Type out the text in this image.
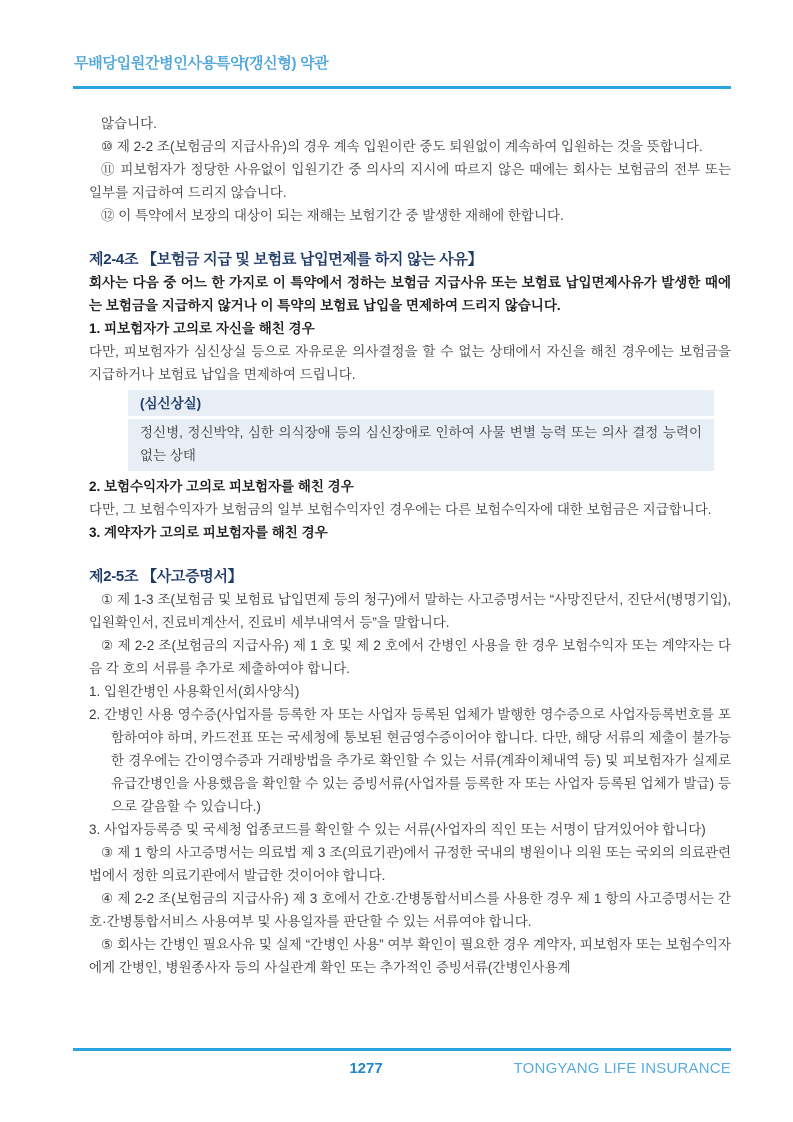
무배당입원간병인사용특약(갱신형) 약관

않습니다.

⑩ 제 2-2 조(보험금의 지급사유)의 경우 계속 입원이란 중도 퇴원없이 계속하여 입원하는 것을 뜻합니다.

⑪ 피보험자가 정당한 사유없이 입원기간 중 의사의 지시에 따르지 않은 때에는 회사는 보험금의 전부 또는 일부를 지급하여 드리지 않습니다.

⑫ 이 특약에서 보장의 대상이 되는 재해는 보험기간 중 발생한 재해에 한합니다.

제2-4조 【보험금 지급 및 보험료 납입면제를 하지 않는 사유】

회사는 다음 중 어느 한 가지로 이 특약에서 정하는 보험금 지급사유 또는 보험료 납입면제사유가 발생한 때에는 보험금을 지급하지 않거나 이 특약의 보험료 납입을 면제하여 드리지 않습니다.

1. 피보험자가 고의로 자신을 해친 경우

다만, 피보험자가 심신상실 등으로 자유로운 의사결정을 할 수 없는 상태에서 자신을 해친 경우에는 보험금을 지급하거나 보험료 납입을 면제하여 드립니다.

(심신상실)
정신병, 정신박약, 심한 의식장애 등의 심신장애로 인하여 사물 변별 능력 또는 의사 결정 능력이 없는 상태

2. 보험수익자가 고의로 피보험자를 해친 경우

다만, 그 보험수익자가 보험금의 일부 보험수익자인 경우에는 다른 보험수익자에 대한 보험금은 지급합니다.

3. 계약자가 고의로 피보험자를 해친 경우

제2-5조 【사고증명서】

① 제 1-3 조(보험금 및 보험료 납입면제 등의 청구)에서 말하는 사고증명서는 “사망진단서, 진단서(병명기입), 입원확인서, 진료비계산서, 진료비 세부내역서 등”을 말합니다.

② 제 2-2 조(보험금의 지급사유) 제 1 호 및 제 2 호에서 간병인 사용을 한 경우 보험수익자 또는 계약자는 다음 각 호의 서류를 추가로 제출하여야 합니다.

1. 입원간병인 사용확인서(회사양식)

2. 간병인 사용 영수증(사업자를 등록한 자 또는 사업자 등록된 업체가 발행한 영수증으로 사업자등록번호를 포함하여야 하며, 카드전표 또는 국세청에 통보된 현금영수증이어야 합니다. 다만, 해당 서류의 제출이 불가능한 경우에는 간이영수증과 거래방법을 추가로 확인할 수 있는 서류(계좌이체내역 등) 및 피보험자가 실제로 유급간병인을 사용했음을 확인할 수 있는 증빙서류(사업자를 등록한 자 또는 사업자 등록된 업체가 발급) 등으로 갈음할 수 있습니다.)

3. 사업자등록증 및 국세청 업종코드를 확인할 수 있는 서류(사업자의 직인 또는 서명이 담겨있어야 합니다)

③ 제 1 항의 사고증명서는 의료법 제 3 조(의료기관)에서 규정한 국내의 병원이나 의원 또는 국외의 의료관련법에서 정한 의료기관에서 발급한 것이어야 합니다.

④ 제 2-2 조(보험금의 지급사유) 제 3 호에서 간호·간병통합서비스를 사용한 경우 제 1 항의 사고증명서는 간호·간병통합서비스 사용여부 및 사용일자를 판단할 수 있는 서류여야 합니다.

⑤ 회사는 간병인 필요사유 및 실제 “간병인 사용” 여부 확인이 필요한 경우 계약자, 피보험자 또는 보험수익자에게 간병인, 병원종사자 등의 사실관계 확인 또는 추가적인 증빙서류(간병인사용계

1277	TONGYANG LIFE INSURANCE
